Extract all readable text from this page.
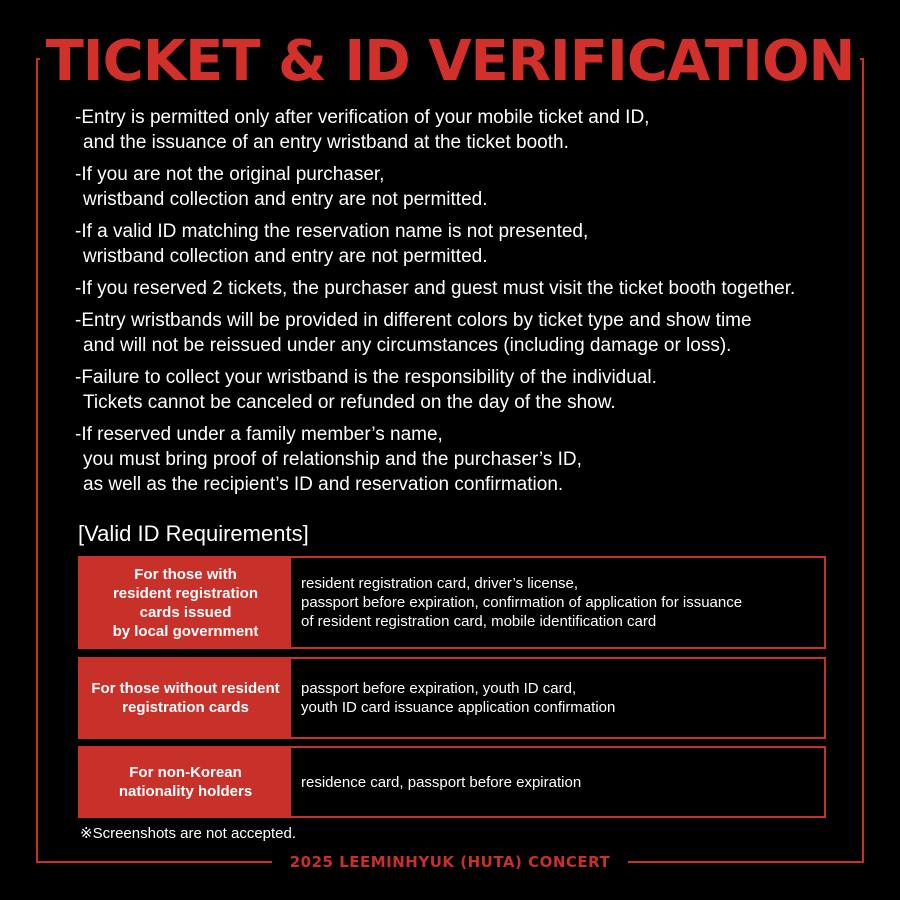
TICKET & ID VERIFICATION
-Entry is permitted only after verification of your mobile ticket and ID,
and the issuance of an entry wristband at the ticket booth.
-If you are not the original purchaser,
wristband collection and entry are not permitted.
-If a valid ID matching the reservation name is not presented,
wristband collection and entry are not permitted.
-If you reserved 2 tickets, the purchaser and guest must visit the ticket booth together.
-Entry wristbands will be provided in different colors by ticket type and show time
and will not be reissued under any circumstances (including damage or loss).
-Failure to collect your wristband is the responsibility of the individual.
Tickets cannot be canceled or refunded on the day of the show.
-If reserved under a family member’s name,
you must bring proof of relationship and the purchaser’s ID,
as well as the recipient’s ID and reservation confirmation.
[Valid ID Requirements]
For those with
resident registration
cards issued
by local government
resident registration card, driver’s license,
passport before expiration, confirmation of application for issuance
of resident registration card, mobile identification card
For those without resident
registration cards
passport before expiration, youth ID card,
youth ID card issuance application confirmation
For non-Korean
nationality holders
residence card, passport before expiration
※Screenshots are not accepted.
2025 LEEMINHYUK (HUTA) CONCERT
